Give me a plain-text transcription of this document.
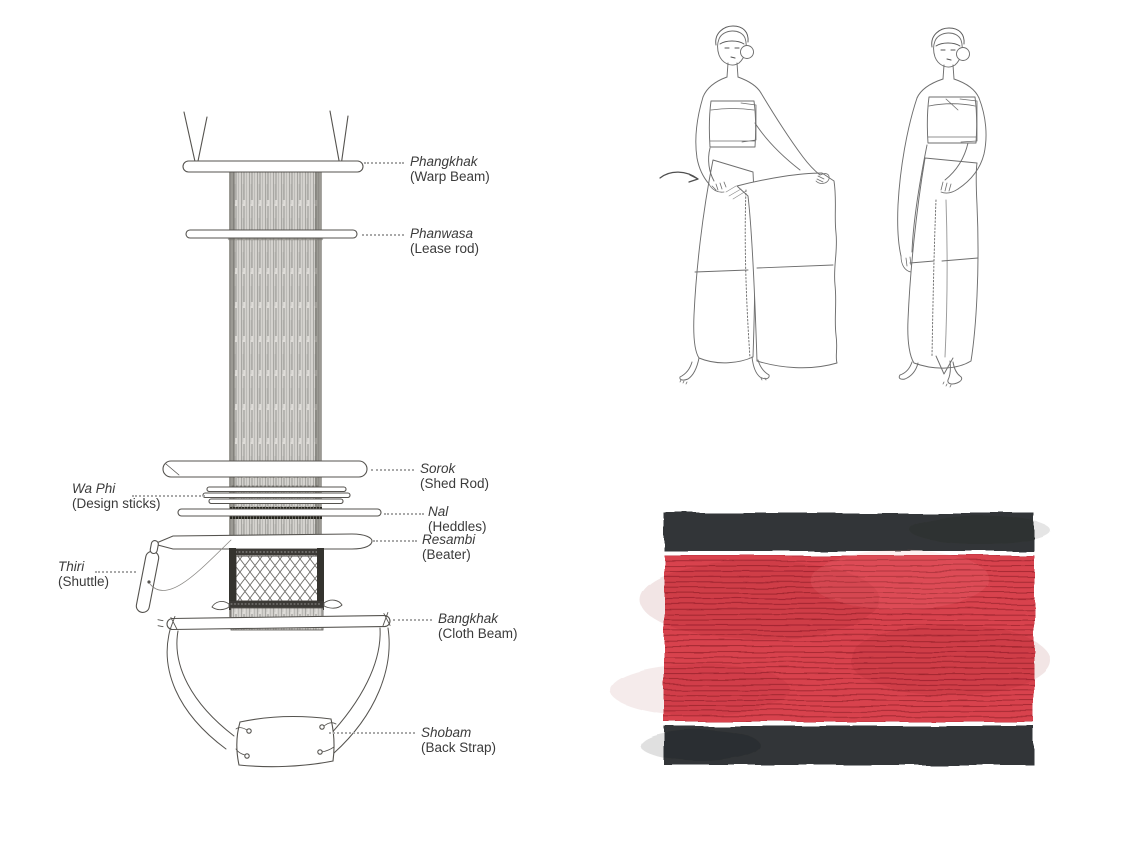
Phangkhak
(Warp Beam)
Phanwasa
(Lease rod)
Sorok
(Shed Rod)
Wa Phi
(Design sticks)
Nal
(Heddles)
Resambi
(Beater)
Thiri
(Shuttle)
Bangkhak
(Cloth Beam)
Shobam
(Back Strap)
